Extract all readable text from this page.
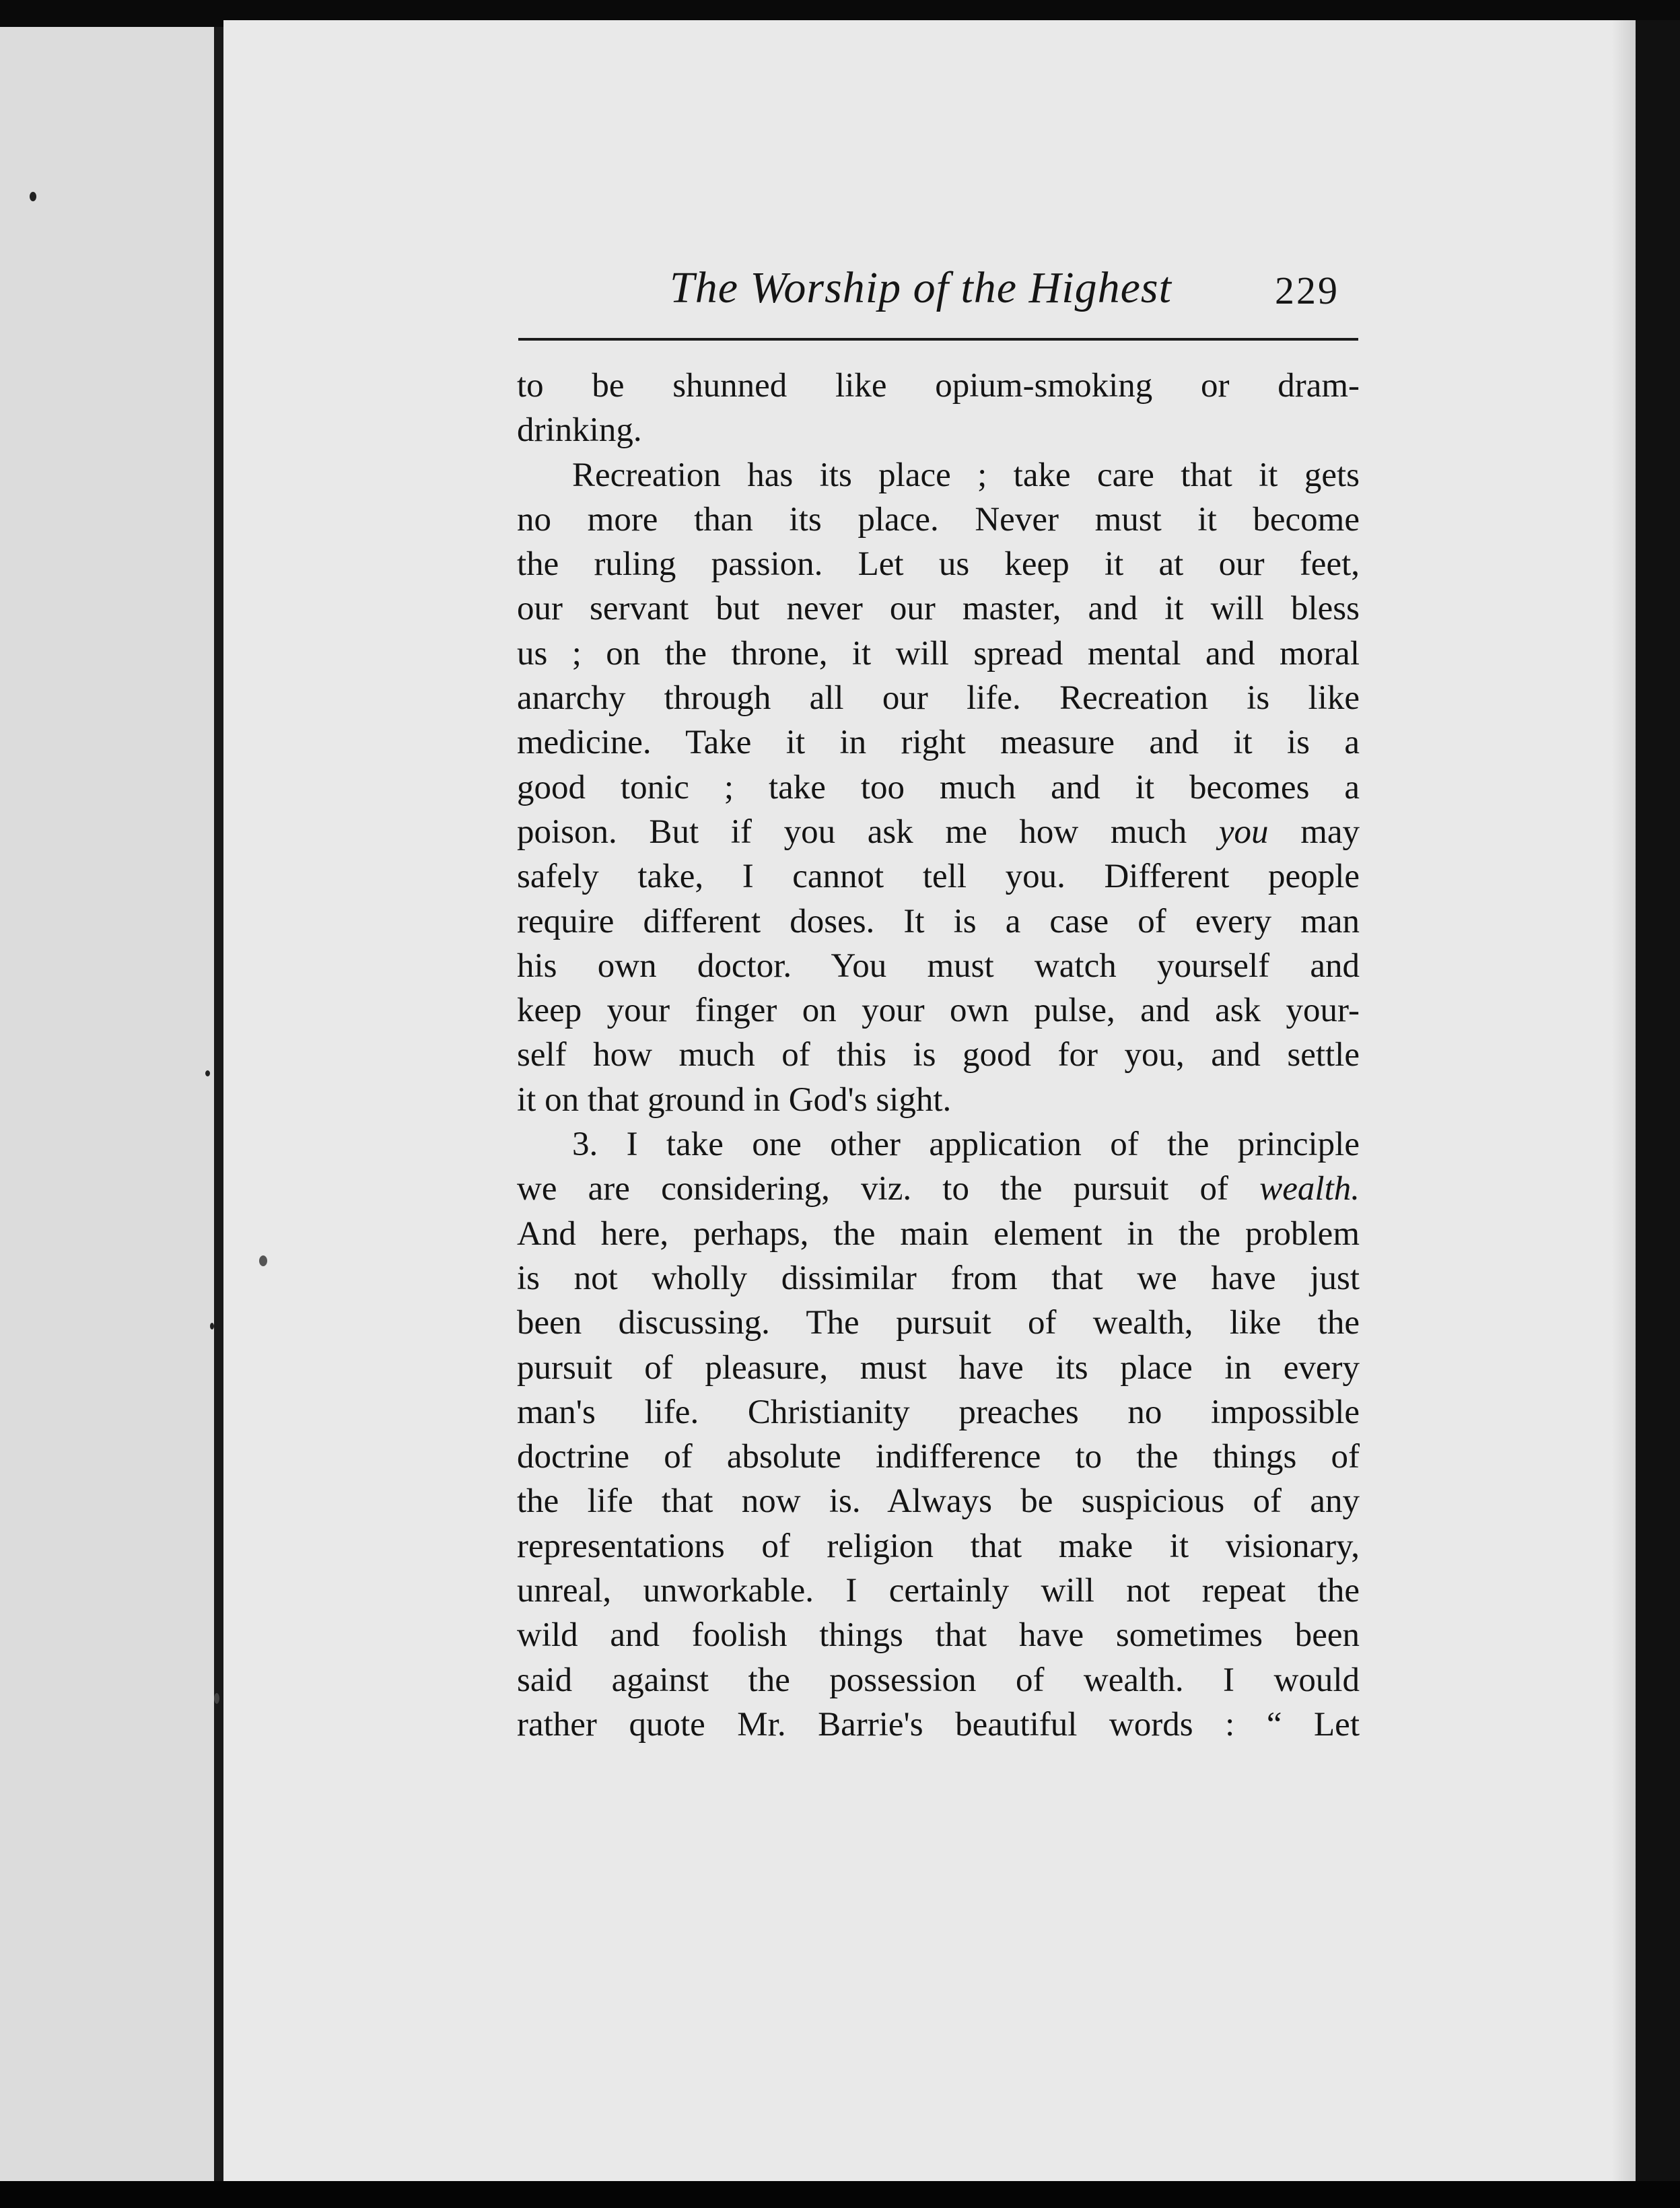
The Worship of the Highest	229
to be shunned like opium-smoking or dram-
drinking.
Recreation has its place ; take care that it gets
no more than its place. Never must it become
the ruling passion. Let us keep it at our feet,
our servant but never our master, and it will bless
us ; on the throne, it will spread mental and moral
anarchy through all our life. Recreation is like
medicine. Take it in right measure and it is a
good tonic ; take too much and it becomes a
poison. But if you ask me how much you may
safely take, I cannot tell you. Different people
require different doses. It is a case of every man
his own doctor. You must watch yourself and
keep your finger on your own pulse, and ask your-
self how much of this is good for you, and settle
it on that ground in God's sight.
3. I take one other application of the principle
we are considering, viz. to the pursuit of wealth.
And here, perhaps, the main element in the problem
is not wholly dissimilar from that we have just
been discussing. The pursuit of wealth, like the
pursuit of pleasure, must have its place in every
man's life. Christianity preaches no impossible
doctrine of absolute indifference to the things of
the life that now is. Always be suspicious of any
representations of religion that make it visionary,
unreal, unworkable. I certainly will not repeat the
wild and foolish things that have sometimes been
said against the possession of wealth. I would
rather quote Mr. Barrie's beautiful words : “ Let
